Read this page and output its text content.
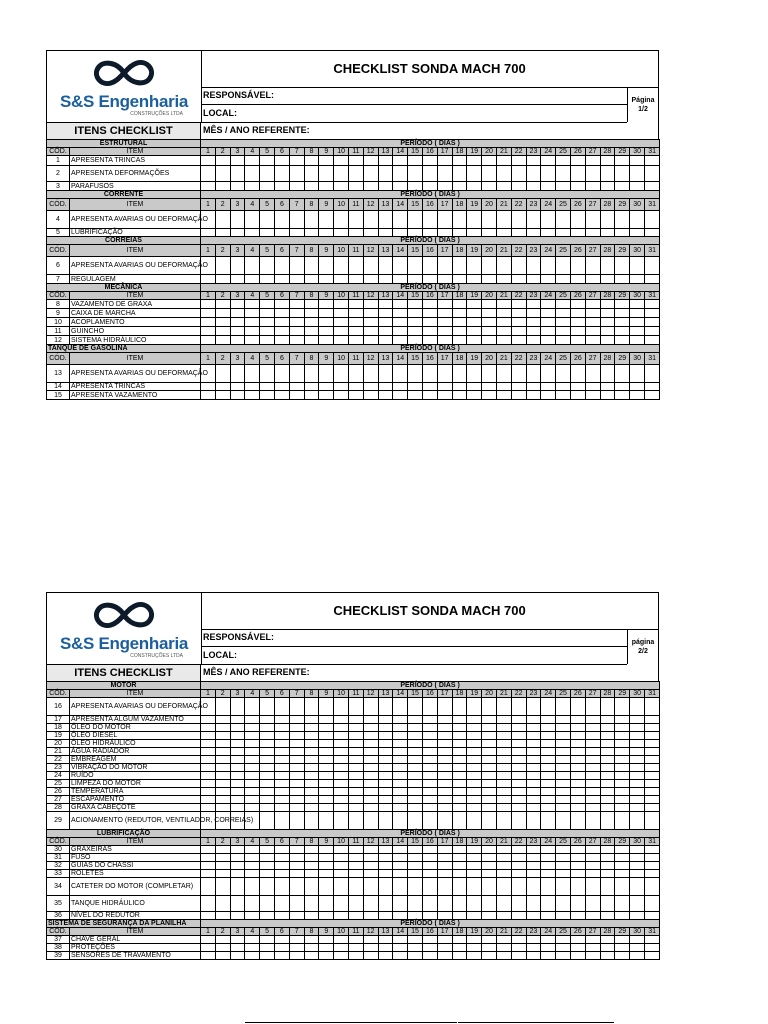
S&S Engenharia
CONSTRUÇÕES LTDA
ITENS CHECKLIST
CHECKLIST SONDA MACH 700
RESPONSÁVEL:
LOCAL:
MÊS / ANO REFERENTE:
Página
1/2
ESTRUTURAL		PERÍODO ( DIAS )																														
CÓD.	ITEM	1	2	3	4	5	6	7	8	9	10	11	12	13	14	15	16	17	18	19	20	21	22	23	24	25	26	27	28	29	30	31
1	APRESENTA TRINCAS																															
2	APRESENTA DEFORMAÇÕES																															
3	PARAFUSOS																															
CORRENTE		PERÍODO ( DIAS )																														
CÓD.	ITEM	1	2	3	4	5	6	7	8	9	10	11	12	13	14	15	16	17	18	19	20	21	22	23	24	25	26	27	28	29	30	31
4	APRESENTA AVARIAS OU DEFORMAÇÃO																															
5	LUBRIFICAÇÃO																															
CORREIAS		PERÍODO ( DIAS )																														
CÓD.	ITEM	1	2	3	4	5	6	7	8	9	10	11	12	13	14	15	16	17	18	19	20	21	22	23	24	25	26	27	28	29	30	31
6	APRESENTA AVARIAS OU DEFORMAÇÃO																															
7	REGULAGEM																															
MECÂNICA		PERÍODO ( DIAS )																														
CÓD.	ITEM	1	2	3	4	5	6	7	8	9	10	11	12	13	14	15	16	17	18	19	20	21	22	23	24	25	26	27	28	29	30	31
8	VAZAMENTO DE GRAXA																															
9	CAIXA DE MARCHA																															
10	ACOPLAMENTO																															
11	GUINCHO																															
12	SISTEMA HIDRÁULICO																															
TANQUE DE GASOLINA		PERÍODO ( DIAS )																														
CÓD.	ITEM	1	2	3	4	5	6	7	8	9	10	11	12	13	14	15	16	17	18	19	20	21	22	23	24	25	26	27	28	29	30	31
13	APRESENTA AVARIAS OU DEFORMAÇÃO																															
14	APRESENTA TRINCAS																															
15	APRESENTA VAZAMENTO																															
S&S Engenharia
CONSTRUÇÕES LTDA
ITENS CHECKLIST
CHECKLIST SONDA MACH 700
RESPONSÁVEL:
LOCAL:
MÊS / ANO REFERENTE:
página
2/2
MOTOR		PERÍODO ( DIAS )																														
CÓD.	ITEM	1	2	3	4	5	6	7	8	9	10	11	12	13	14	15	16	17	18	19	20	21	22	23	24	25	26	27	28	29	30	31
16	APRESENTA AVARIAS OU DEFORMAÇÃO																															
17	APRESENTA ALGUM VAZAMENTO																															
18	ÓLEO DO MOTOR																															
19	ÓLEO DIESEL																															
20	ÓLEO HIDRÁULICO																															
21	ÁGUA RADIADOR																															
22	EMBREAGEM																															
23	VIBRAÇÃO DO MOTOR																															
24	RUÍDO																															
25	LIMPEZA DO MOTOR																															
26	TEMPERATURA																															
27	ESCAPAMENTO																															
28	GRAXA CABEÇOTE																															
29	ACIONAMENTO (REDUTOR, VENTILADOR, CORREIAS)																															
LUBRIFICAÇÃO		PERÍODO ( DIAS )																														
CÓD.	ITEM	1	2	3	4	5	6	7	8	9	10	11	12	13	14	15	16	17	18	19	20	21	22	23	24	25	26	27	28	29	30	31
30	GRAXEIRAS																															
31	FUSO																															
32	GUIAS DO CHASSI																															
33	ROLETES																															
34	CATETER DO MOTOR (COMPLETAR)																															
35	TANQUE HIDRÁULICO																															
36	NÍVEL DO REDUTOR																															
SISTEMA DE SEGURANÇA DA PLANILHA		PERÍODO ( DIAS )																														
CÓD.	ITEM	1	2	3	4	5	6	7	8	9	10	11	12	13	14	15	16	17	18	19	20	21	22	23	24	25	26	27	28	29	30	31
37	CHAVE GERAL																															
38	PROTEÇÕES																															
39	SENSORES DE TRAVAMENTO																															
